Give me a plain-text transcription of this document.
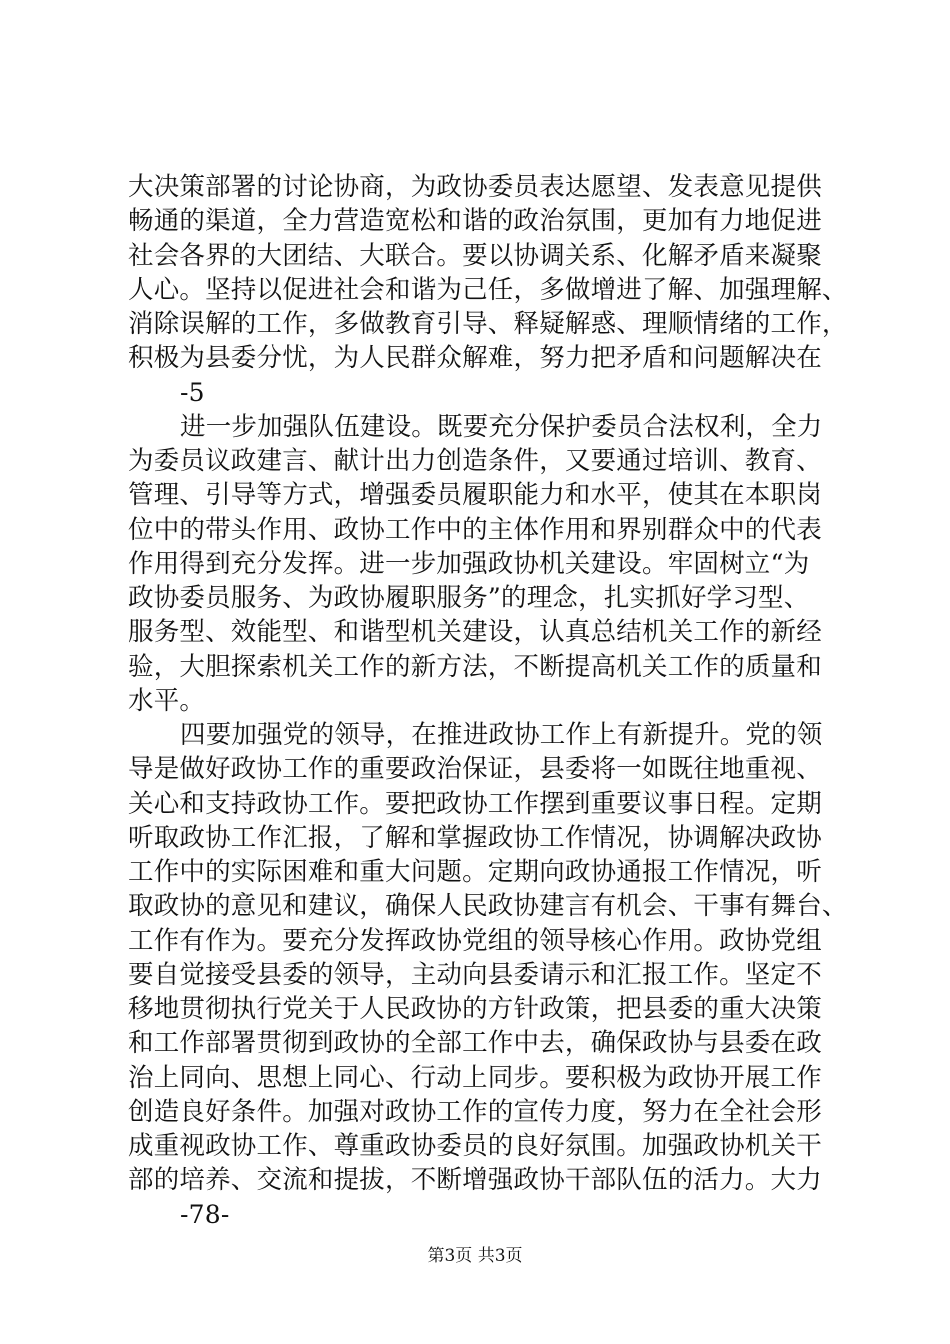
大决策部署的讨论协商，为政协委员表达愿望、发表意见提供
畅通的渠道，全力营造宽松和谐的政治氛围，更加有力地促进
社会各界的大团结、大联合。要以协调关系、化解矛盾来凝聚
人心。坚持以促进社会和谐为己任，多做增进了解、加强理解、
消除误解的工作，多做教育引导、释疑解惑、理顺情绪的工作，
积极为县委分忧，为人民群众解难，努力把矛盾和问题解决在
-5
进一步加强队伍建设。既要充分保护委员合法权利，全力
为委员议政建言、献计出力创造条件，又要通过培训、教育、
管理、引导等方式，增强委员履职能力和水平，使其在本职岗
位中的带头作用、政协工作中的主体作用和界别群众中的代表
作用得到充分发挥。进一步加强政协机关建设。牢固树立“为
政协委员服务、为政协履职服务”的理念，扎实抓好学习型、
服务型、效能型、和谐型机关建设，认真总结机关工作的新经
验，大胆探索机关工作的新方法，不断提高机关工作的质量和
水平。
四要加强党的领导，在推进政协工作上有新提升。党的领
导是做好政协工作的重要政治保证，县委将一如既往地重视、
关心和支持政协工作。要把政协工作摆到重要议事日程。定期
听取政协工作汇报，了解和掌握政协工作情况，协调解决政协
工作中的实际困难和重大问题。定期向政协通报工作情况，听
取政协的意见和建议，确保人民政协建言有机会、干事有舞台、
工作有作为。要充分发挥政协党组的领导核心作用。政协党组
要自觉接受县委的领导，主动向县委请示和汇报工作。坚定不
移地贯彻执行党关于人民政协的方针政策，把县委的重大决策
和工作部署贯彻到政协的全部工作中去，确保政协与县委在政
治上同向、思想上同心、行动上同步。要积极为政协开展工作
创造良好条件。加强对政协工作的宣传力度，努力在全社会形
成重视政协工作、尊重政协委员的良好氛围。加强政协机关干
部的培养、交流和提拔，不断增强政协干部队伍的活力。大力
-78-
第3页 共3页
